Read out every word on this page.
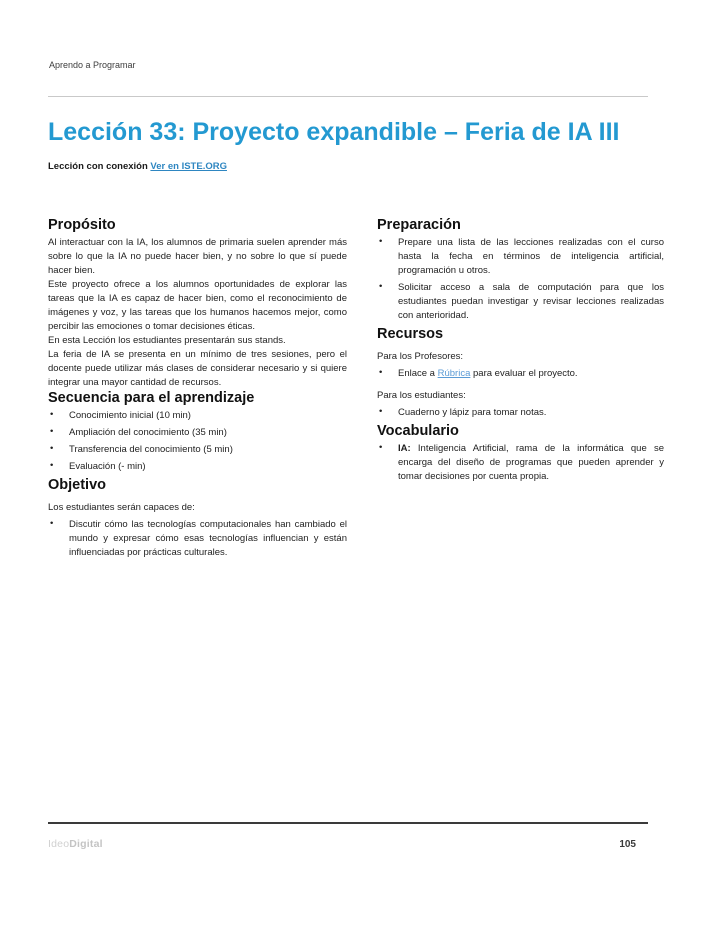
Aprendo a Programar
Lección 33: Proyecto expandible – Feria de IA III

Lección con conexión Ver en ISTE.ORG

Propósito

Al interactuar con la IA, los alumnos de primaria suelen aprender más sobre lo que la IA no puede hacer bien, y no sobre lo que sí puede hacer bien.

Este proyecto ofrece a los alumnos oportunidades de explorar las tareas que la IA es capaz de hacer bien, como el reconocimiento de imágenes y voz, y las tareas que los humanos hacemos mejor, como percibir las emociones o tomar decisiones éticas.

En esta Lección los estudiantes presentarán sus stands.

La feria de IA se presenta en un mínimo de tres sesiones, pero el docente puede utilizar más clases de considerar necesario y si quiere integrar una mayor cantidad de recursos.

Secuencia para el aprendizaje
• Conocimiento inicial (10 min)
• Ampliación del conocimiento (35 min)
• Transferencia del conocimiento (5 min)
• Evaluación (- min)
Objetivo

Los estudiantes serán capaces de:

• Discutir cómo las tecnologías computacionales han cambiado el mundo y expresar cómo esas tecnologías influencian y están influenciadas por prácticas culturales.
Preparación
• Prepare una lista de las lecciones realizadas con el curso hasta la fecha en términos de inteligencia artificial, programación u otros.
• Solicitar acceso a sala de computación para que los estudiantes puedan investigar y revisar lecciones realizadas con anterioridad.
Recursos

Para los Profesores:

• Enlace a Rúbrica para evaluar el proyecto.

Para los estudiantes:

• Cuaderno y lápiz para tomar notas.
Vocabulario
• IA: Inteligencia Artificial, rama de la informática que se encarga del diseño de programas que pueden aprender y tomar decisiones por cuenta propia.
IdeoDigital	105
